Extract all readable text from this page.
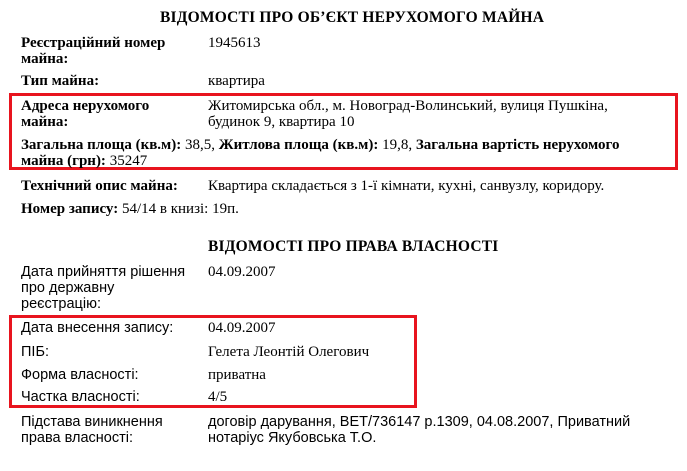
ВІДОМОСТІ ПРО ОБ’ЄКТ НЕРУХОМОГО МАЙНА
Реєстраційний номер
майна:
1945613
Тип майна:	квартира
Адреса нерухомого
майна:
Житомирська обл., м. Новоград-Волинський, вулиця Пушкіна,
будинок 9, квартира 10
Загальна площа (кв.м): 38,5, Житлова площа (кв.м): 19,8, Загальна вартість нерухомого
майна (грн): 35247
Технічний опис майна: Квартира складається з 1-ї кімнати, кухні, санвузлу, коридору.
Номер запису: 54/14 в книзі: 19п.
ВІДОМОСТІ ПРО ПРАВА ВЛАСНОСТІ
Дата прийняття рішення
про державну
реєстрацію:
04.09.2007
Дата внесення запису: 04.09.2007
ПІБ:	Гелета Леонтій Олегович
Форма власності:	приватна
Частка власності:	4/5
Підстава виникнення
права власності:
договір дарування, ВЕТ/736147 р.1309, 04.08.2007, Приватний
нотаріус Якубовська Т.О.
